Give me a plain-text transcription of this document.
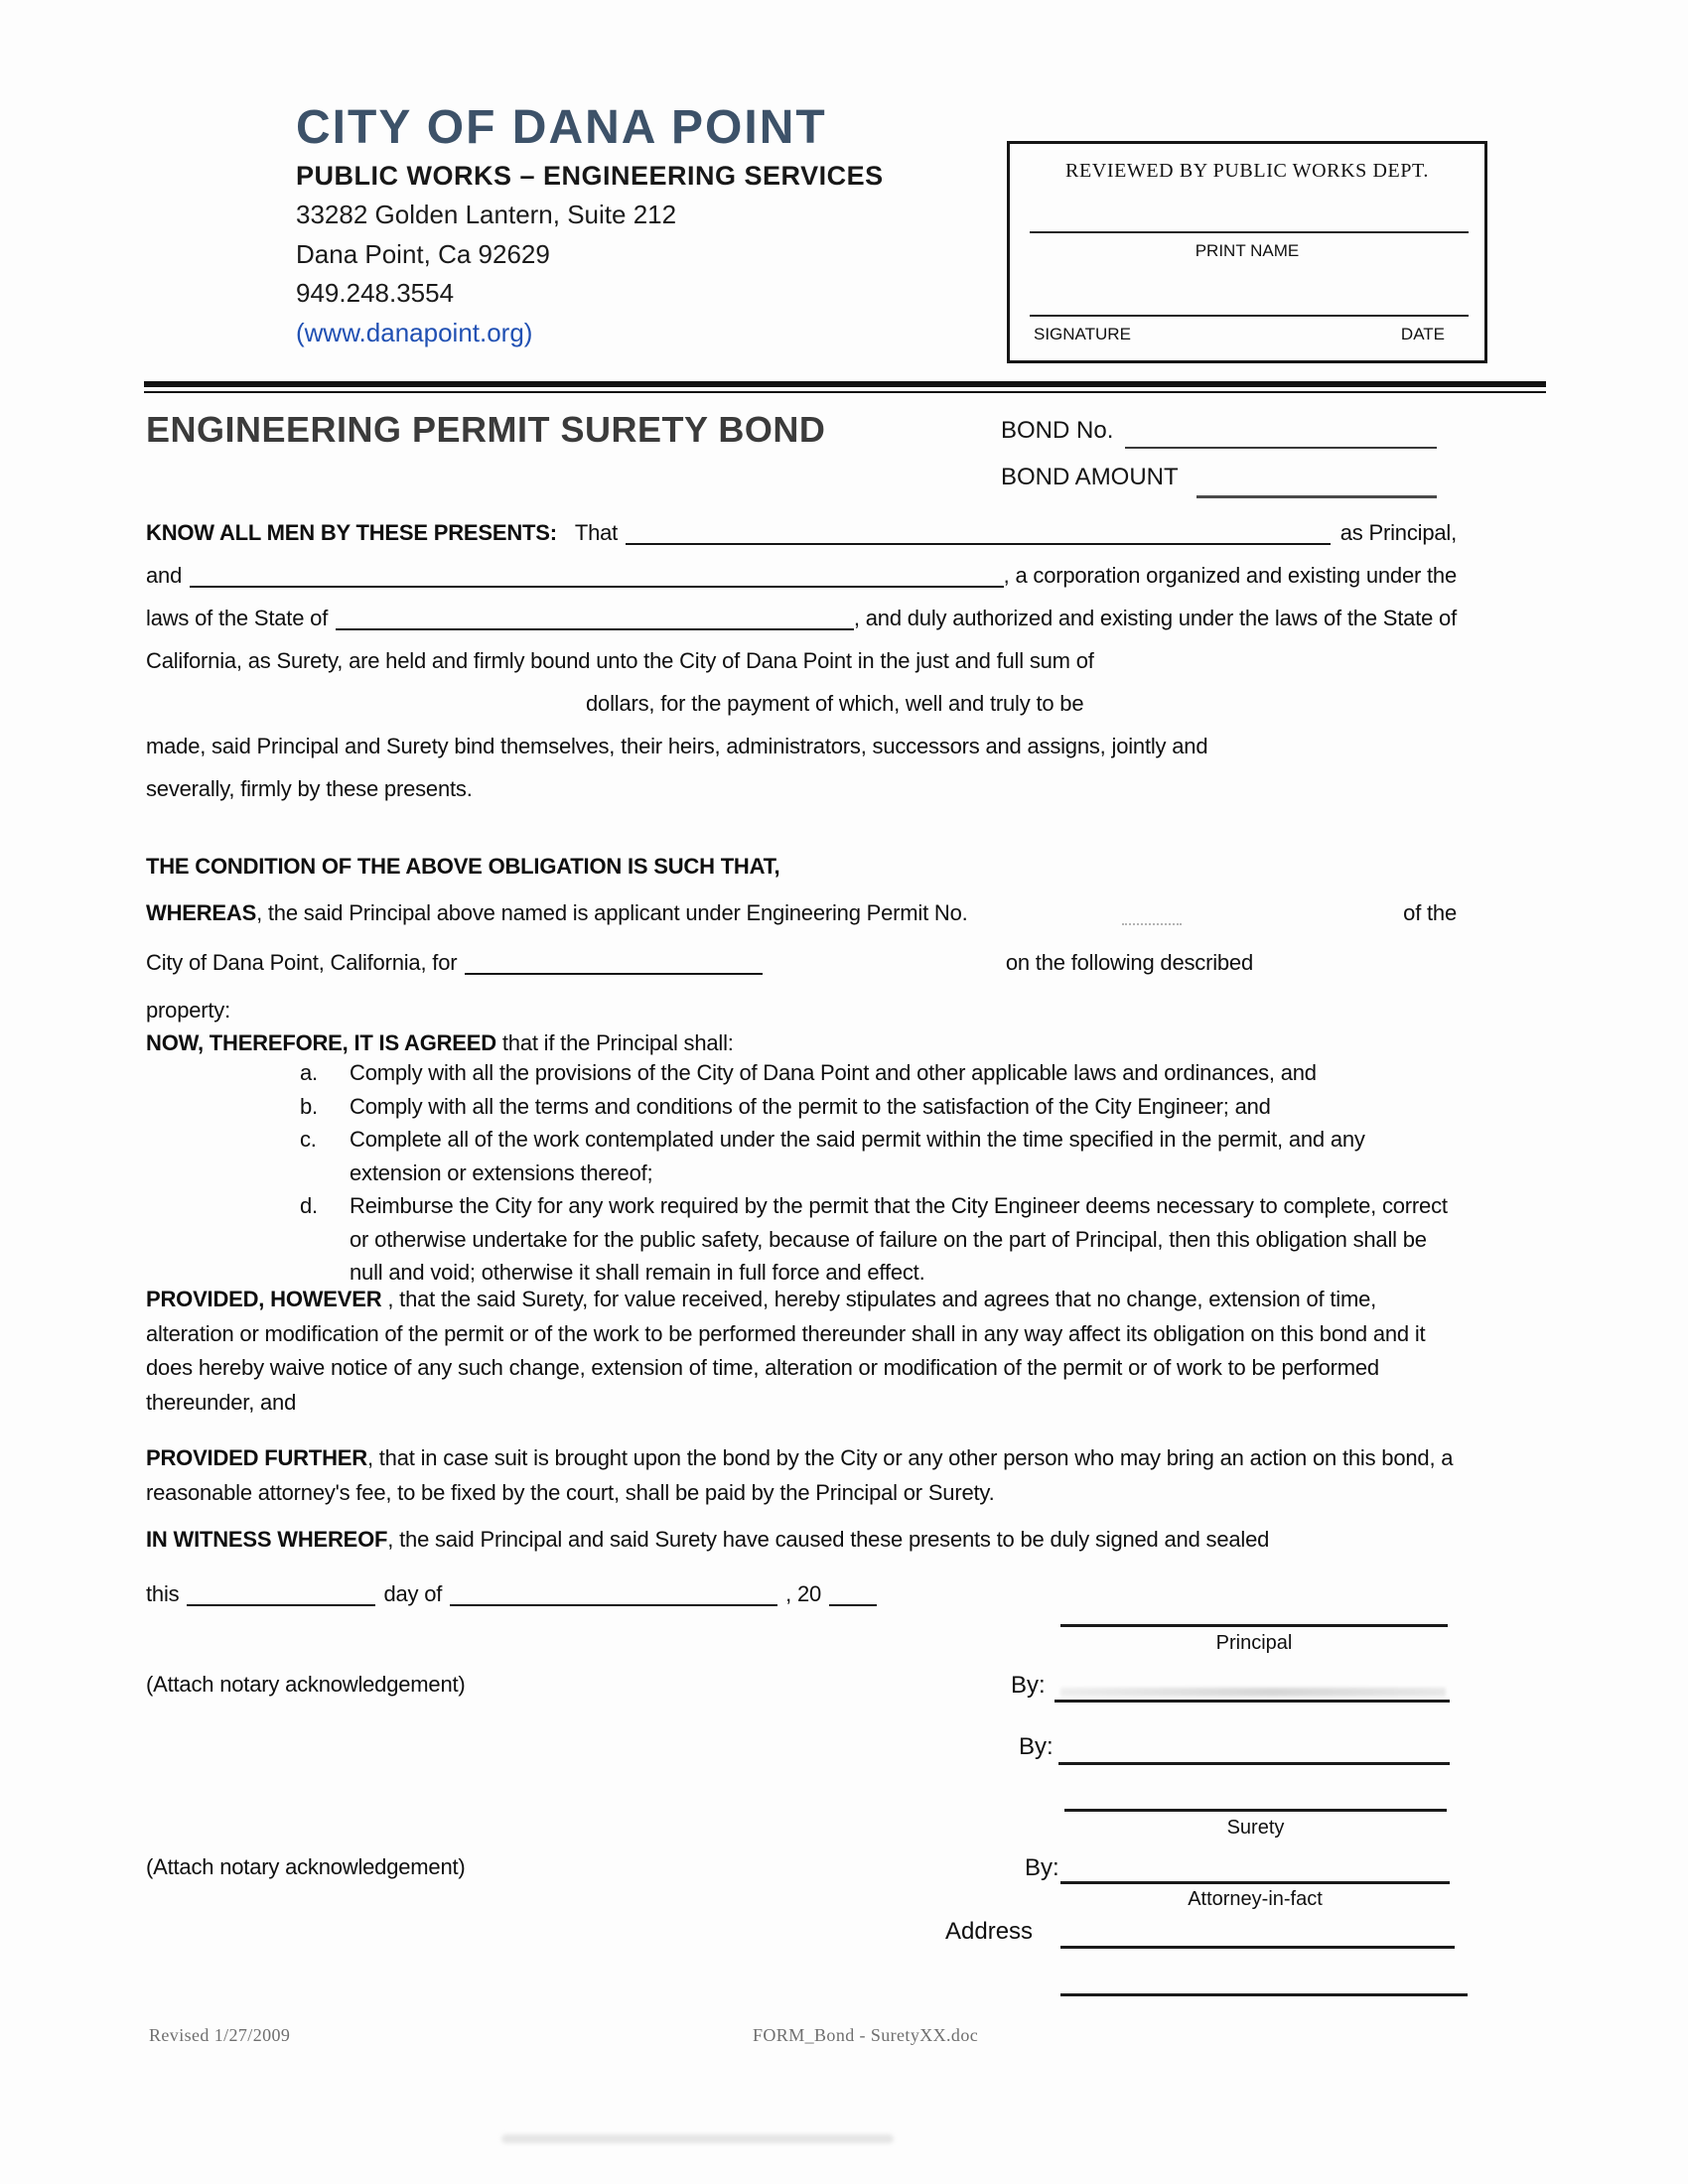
CITY OF DANA POINT
PUBLIC WORKS – ENGINEERING SERVICES
33282 Golden Lantern, Suite 212
Dana Point, Ca 92629
949.248.3554
(www.danapoint.org)
REVIEWED BY PUBLIC WORKS DEPT.
PRINT NAME
SIGNATURE	DATE
ENGINEERING PERMIT SURETY BOND	BOND No.
BOND AMOUNT
KNOW ALL MEN BY THESE PRESENTS: That	as Principal,
and	, a corporation organized and existing under the
laws of the State of	, and duly authorized and existing under the laws of the State of
California, as Surety, are held and firmly bound unto the City of Dana Point in the just and full sum of
dollars, for the payment of which, well and truly to be
made, said Principal and Surety bind themselves, their heirs, administrators, successors and assigns, jointly and
severally, firmly by these presents.
THE CONDITION OF THE ABOVE OBLIGATION IS SUCH THAT,
WHEREAS, the said Principal above named is applicant under Engineering Permit No.	of the
City of Dana Point, California, for	on the following described
property:
NOW, THEREFORE, IT IS AGREED that if the Principal shall:
a.	Comply with all the provisions of the City of Dana Point and other applicable laws and ordinances, and
b.	Comply with all the terms and conditions of the permit to the satisfaction of the City Engineer; and
c.	Complete all of the work contemplated under the said permit within the time specified in the permit, and any extension or extensions thereof;
d.	Reimburse the City for any work required by the permit that the City Engineer deems necessary to complete, correct or otherwise undertake for the public safety, because of failure on the part of Principal, then this obligation shall be null and void; otherwise it shall remain in full force and effect.
PROVIDED, HOWEVER , that the said Surety, for value received, hereby stipulates and agrees that no change, extension of time, alteration or modification of the permit or of the work to be performed thereunder shall in any way affect its obligation on this bond and it does hereby waive notice of any such change, extension of time, alteration or modification of the permit or of work to be performed thereunder, and
PROVIDED FURTHER, that in case suit is brought upon the bond by the City or any other person who may bring an action on this bond, a reasonable attorney's fee, to be fixed by the court, shall be paid by the Principal or Surety.
IN WITNESS WHEREOF, the said Principal and said Surety have caused these presents to be duly signed and sealed
this	day of	, 20
Principal
(Attach notary acknowledgement)	By:
By:
Surety
(Attach notary acknowledgement)	By:
Attorney-in-fact
Address
Revised 1/27/2009	FORM_Bond - SuretyXX.doc
